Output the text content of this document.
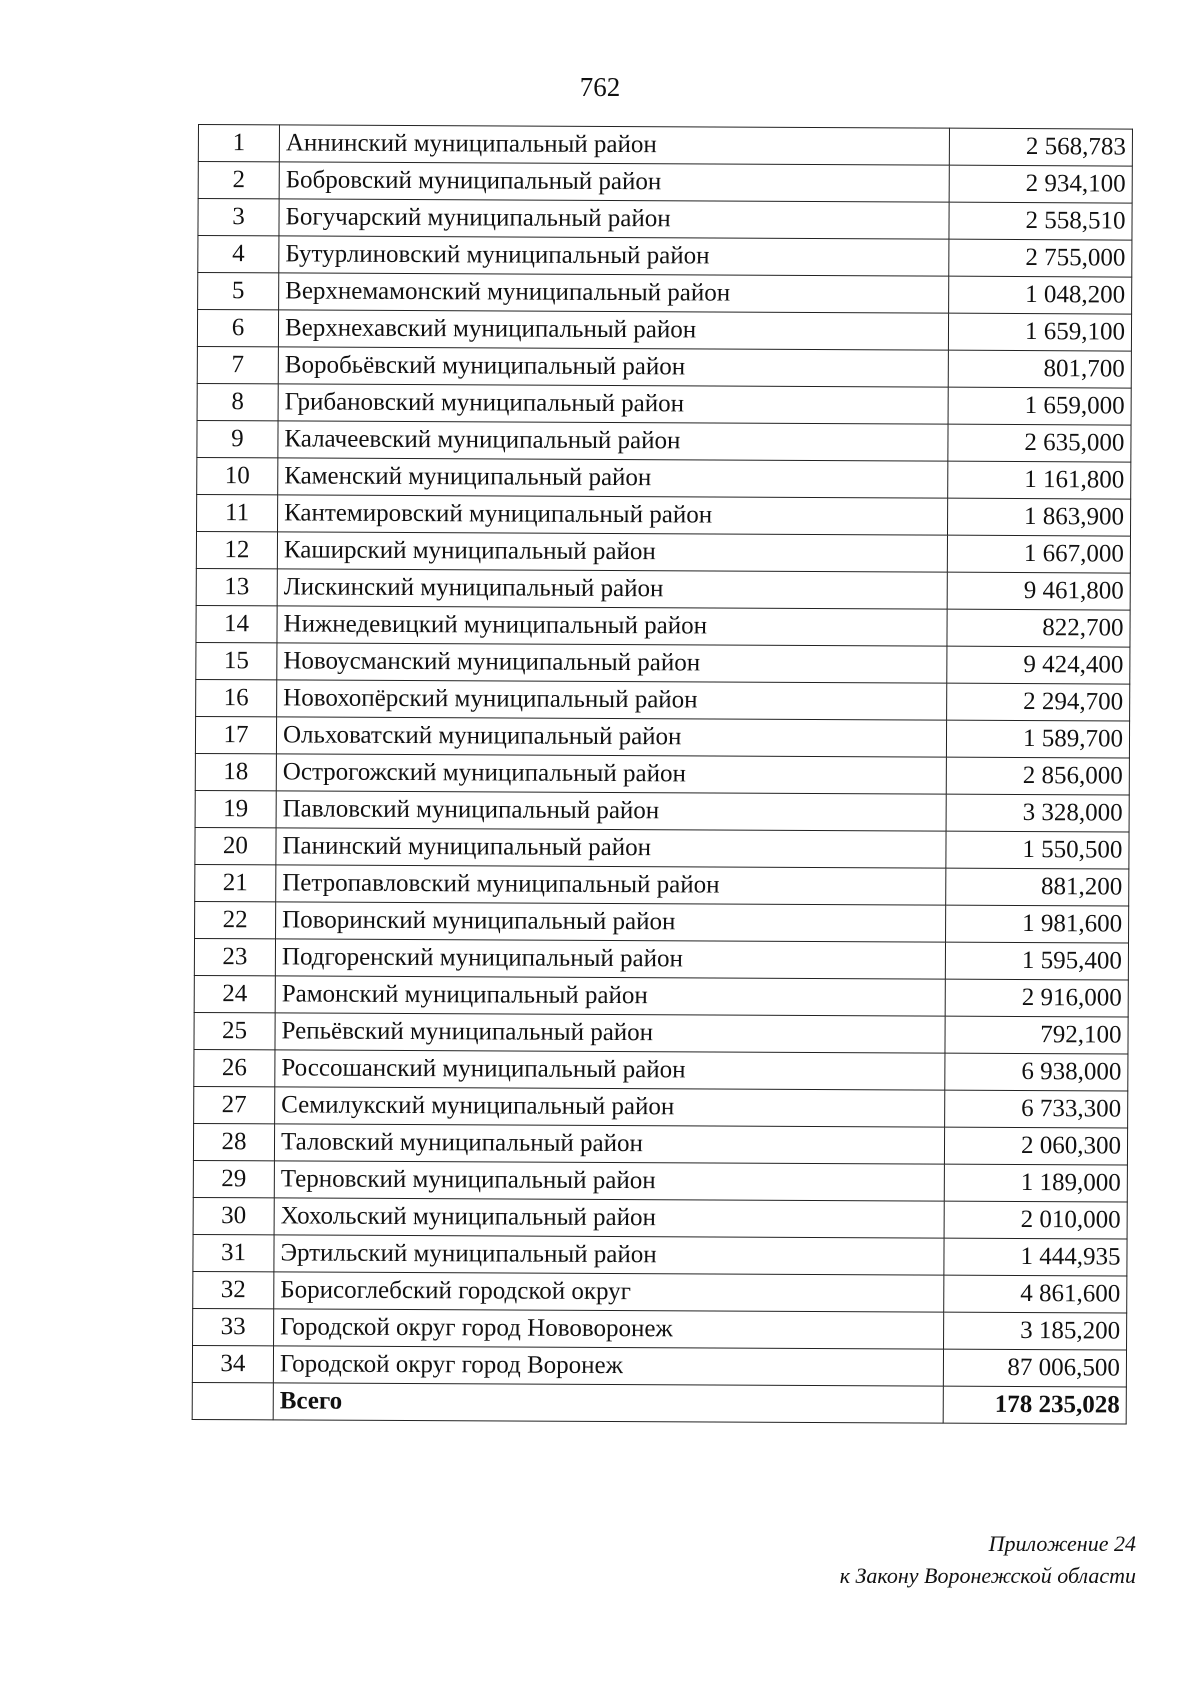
762
1	Аннинский муниципальный район	2 568,783
2	Бобровский муниципальный район	2 934,100
3	Богучарский муниципальный район	2 558,510
4	Бутурлиновский муниципальный район	2 755,000
5	Верхнемамонский муниципальный район	1 048,200
6	Верхнехавский муниципальный район	1 659,100
7	Воробьёвский муниципальный район	801,700
8	Грибановский муниципальный район	1 659,000
9	Калачеевский муниципальный район	2 635,000
10	Каменский муниципальный район	1 161,800
11	Кантемировский муниципальный район	1 863,900
12	Каширский муниципальный район	1 667,000
13	Лискинский муниципальный район	9 461,800
14	Нижнедевицкий муниципальный район	822,700
15	Новоусманский муниципальный район	9 424,400
16	Новохопёрский муниципальный район	2 294,700
17	Ольховатский муниципальный район	1 589,700
18	Острогожский муниципальный район	2 856,000
19	Павловский муниципальный район	3 328,000
20	Панинский муниципальный район	1 550,500
21	Петропавловский муниципальный район	881,200
22	Поворинский муниципальный район	1 981,600
23	Подгоренский муниципальный район	1 595,400
24	Рамонский муниципальный район	2 916,000
25	Репьёвский муниципальный район	792,100
26	Россошанский муниципальный район	6 938,000
27	Семилукский муниципальный район	6 733,300
28	Таловский муниципальный район	2 060,300
29	Терновский муниципальный район	1 189,000
30	Хохольский муниципальный район	2 010,000
31	Эртильский муниципальный район	1 444,935
32	Борисоглебский городской округ	4 861,600
33	Городской округ город Нововоронеж	3 185,200
34	Городской округ город Воронеж	87 006,500
	Всего	178 235,028
Приложение 24
к Закону Воронежской области
